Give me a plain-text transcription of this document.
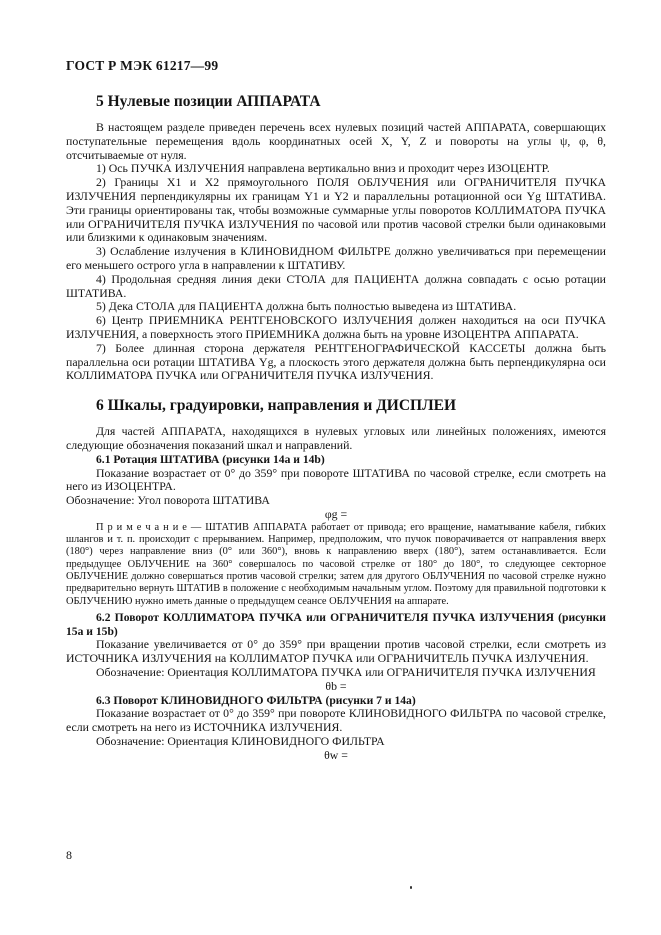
ГОСТ Р МЭК 61217—99
5 Нулевые позиции АППАРАТА
В настоящем разделе приведен перечень всех нулевых позиций частей АППАРАТА, совершающих поступательные перемещения вдоль координатных осей X, Y, Z и повороты на углы ψ, φ, θ, отсчитываемые от нуля.
1) Ось ПУЧКА ИЗЛУЧЕНИЯ направлена вертикально вниз и проходит через ИЗОЦЕНТР.
2) Границы X1 и X2 прямоугольного ПОЛЯ ОБЛУЧЕНИЯ или ОГРАНИЧИТЕЛЯ ПУЧКА ИЗЛУЧЕНИЯ перпендикулярны их границам Y1 и Y2 и параллельны ротационной оси Yg ШТАТИВА. Эти границы ориентированы так, чтобы возможные суммарные углы поворотов КОЛЛИМАТОРА ПУЧКА или ОГРАНИЧИТЕЛЯ ПУЧКА ИЗЛУЧЕНИЯ по часовой или против часовой стрелки были одинаковыми или близкими к одинаковым значениям.
3) Ослабление излучения в КЛИНОВИДНОМ ФИЛЬТРЕ должно увеличиваться при перемещении его меньшего острого угла в направлении к ШТАТИВУ.
4) Продольная средняя линия деки СТОЛА для ПАЦИЕНТА должна совпадать с осью ротации ШТАТИВА.
5) Дека СТОЛА для ПАЦИЕНТА должна быть полностью выведена из ШТАТИВА.
6) Центр ПРИЕМНИКА РЕНТГЕНОВСКОГО ИЗЛУЧЕНИЯ должен находиться на оси ПУЧКА ИЗЛУЧЕНИЯ, а поверхность этого ПРИЕМНИКА должна быть на уровне ИЗОЦЕНТРА АППАРАТА.
7) Более длинная сторона держателя РЕНТГЕНОГРАФИЧЕСКОЙ КАССЕТЫ должна быть параллельна оси ротации ШТАТИВА Yg, а плоскость этого держателя должна быть перпендикулярна оси КОЛЛИМАТОРА ПУЧКА или ОГРАНИЧИТЕЛЯ ПУЧКА ИЗЛУЧЕНИЯ.
6 Шкалы, градуировки, направления и ДИСПЛЕИ
Для частей АППАРАТА, находящихся в нулевых угловых или линейных положениях, имеются следующие обозначения показаний шкал и направлений.
6.1 Ротация ШТАТИВА (рисунки 14а и 14b)
Показание возрастает от 0° до 359° при повороте ШТАТИВА по часовой стрелке, если смотреть на него из ИЗОЦЕНТРА.
Обозначение: Угол поворота ШТАТИВА
φg =
П р и м е ч а н и е — ШТАТИВ АППАРАТА работает от привода; его вращение, наматывание кабеля, гибких шлангов и т. п. происходит с прерыванием. Например, предположим, что пучок поворачивается от направления вверх (180°) через направление вниз (0° или 360°), вновь к направлению вверх (180°), затем останавливается. Если предыдущее ОБЛУЧЕНИЕ на 360° совершалось по часовой стрелке от 180° до 180°, то следующее секторное ОБЛУЧЕНИЕ должно совершаться против часовой стрелки; затем для другого ОБЛУЧЕНИЯ по часовой стрелке нужно предварительно вернуть ШТАТИВ в положение с необходимым начальным углом. Поэтому для правильной подготовки к ОБЛУЧЕНИЮ нужно иметь данные о предыдущем сеансе ОБЛУЧЕНИЯ на аппарате.
6.2 Поворот КОЛЛИМАТОРА ПУЧКА или ОГРАНИЧИТЕЛЯ ПУЧКА ИЗЛУЧЕНИЯ (рисунки 15а и 15b)
Показание увеличивается от 0° до 359° при вращении против часовой стрелки, если смотреть из ИСТОЧНИКА ИЗЛУЧЕНИЯ на КОЛЛИМАТОР ПУЧКА или ОГРАНИЧИТЕЛЬ ПУЧКА ИЗЛУЧЕНИЯ.
Обозначение: Ориентация КОЛЛИМАТОРА ПУЧКА или ОГРАНИЧИТЕЛЯ ПУЧКА ИЗЛУЧЕНИЯ
θb =
6.3 Поворот КЛИНОВИДНОГО ФИЛЬТРА (рисунки 7 и 14а)
Показание возрастает от 0° до 359° при повороте КЛИНОВИДНОГО ФИЛЬТРА по часовой стрелке, если смотреть на него из ИСТОЧНИКА ИЗЛУЧЕНИЯ.
Обозначение: Ориентация КЛИНОВИДНОГО ФИЛЬТРА
θw =
8
